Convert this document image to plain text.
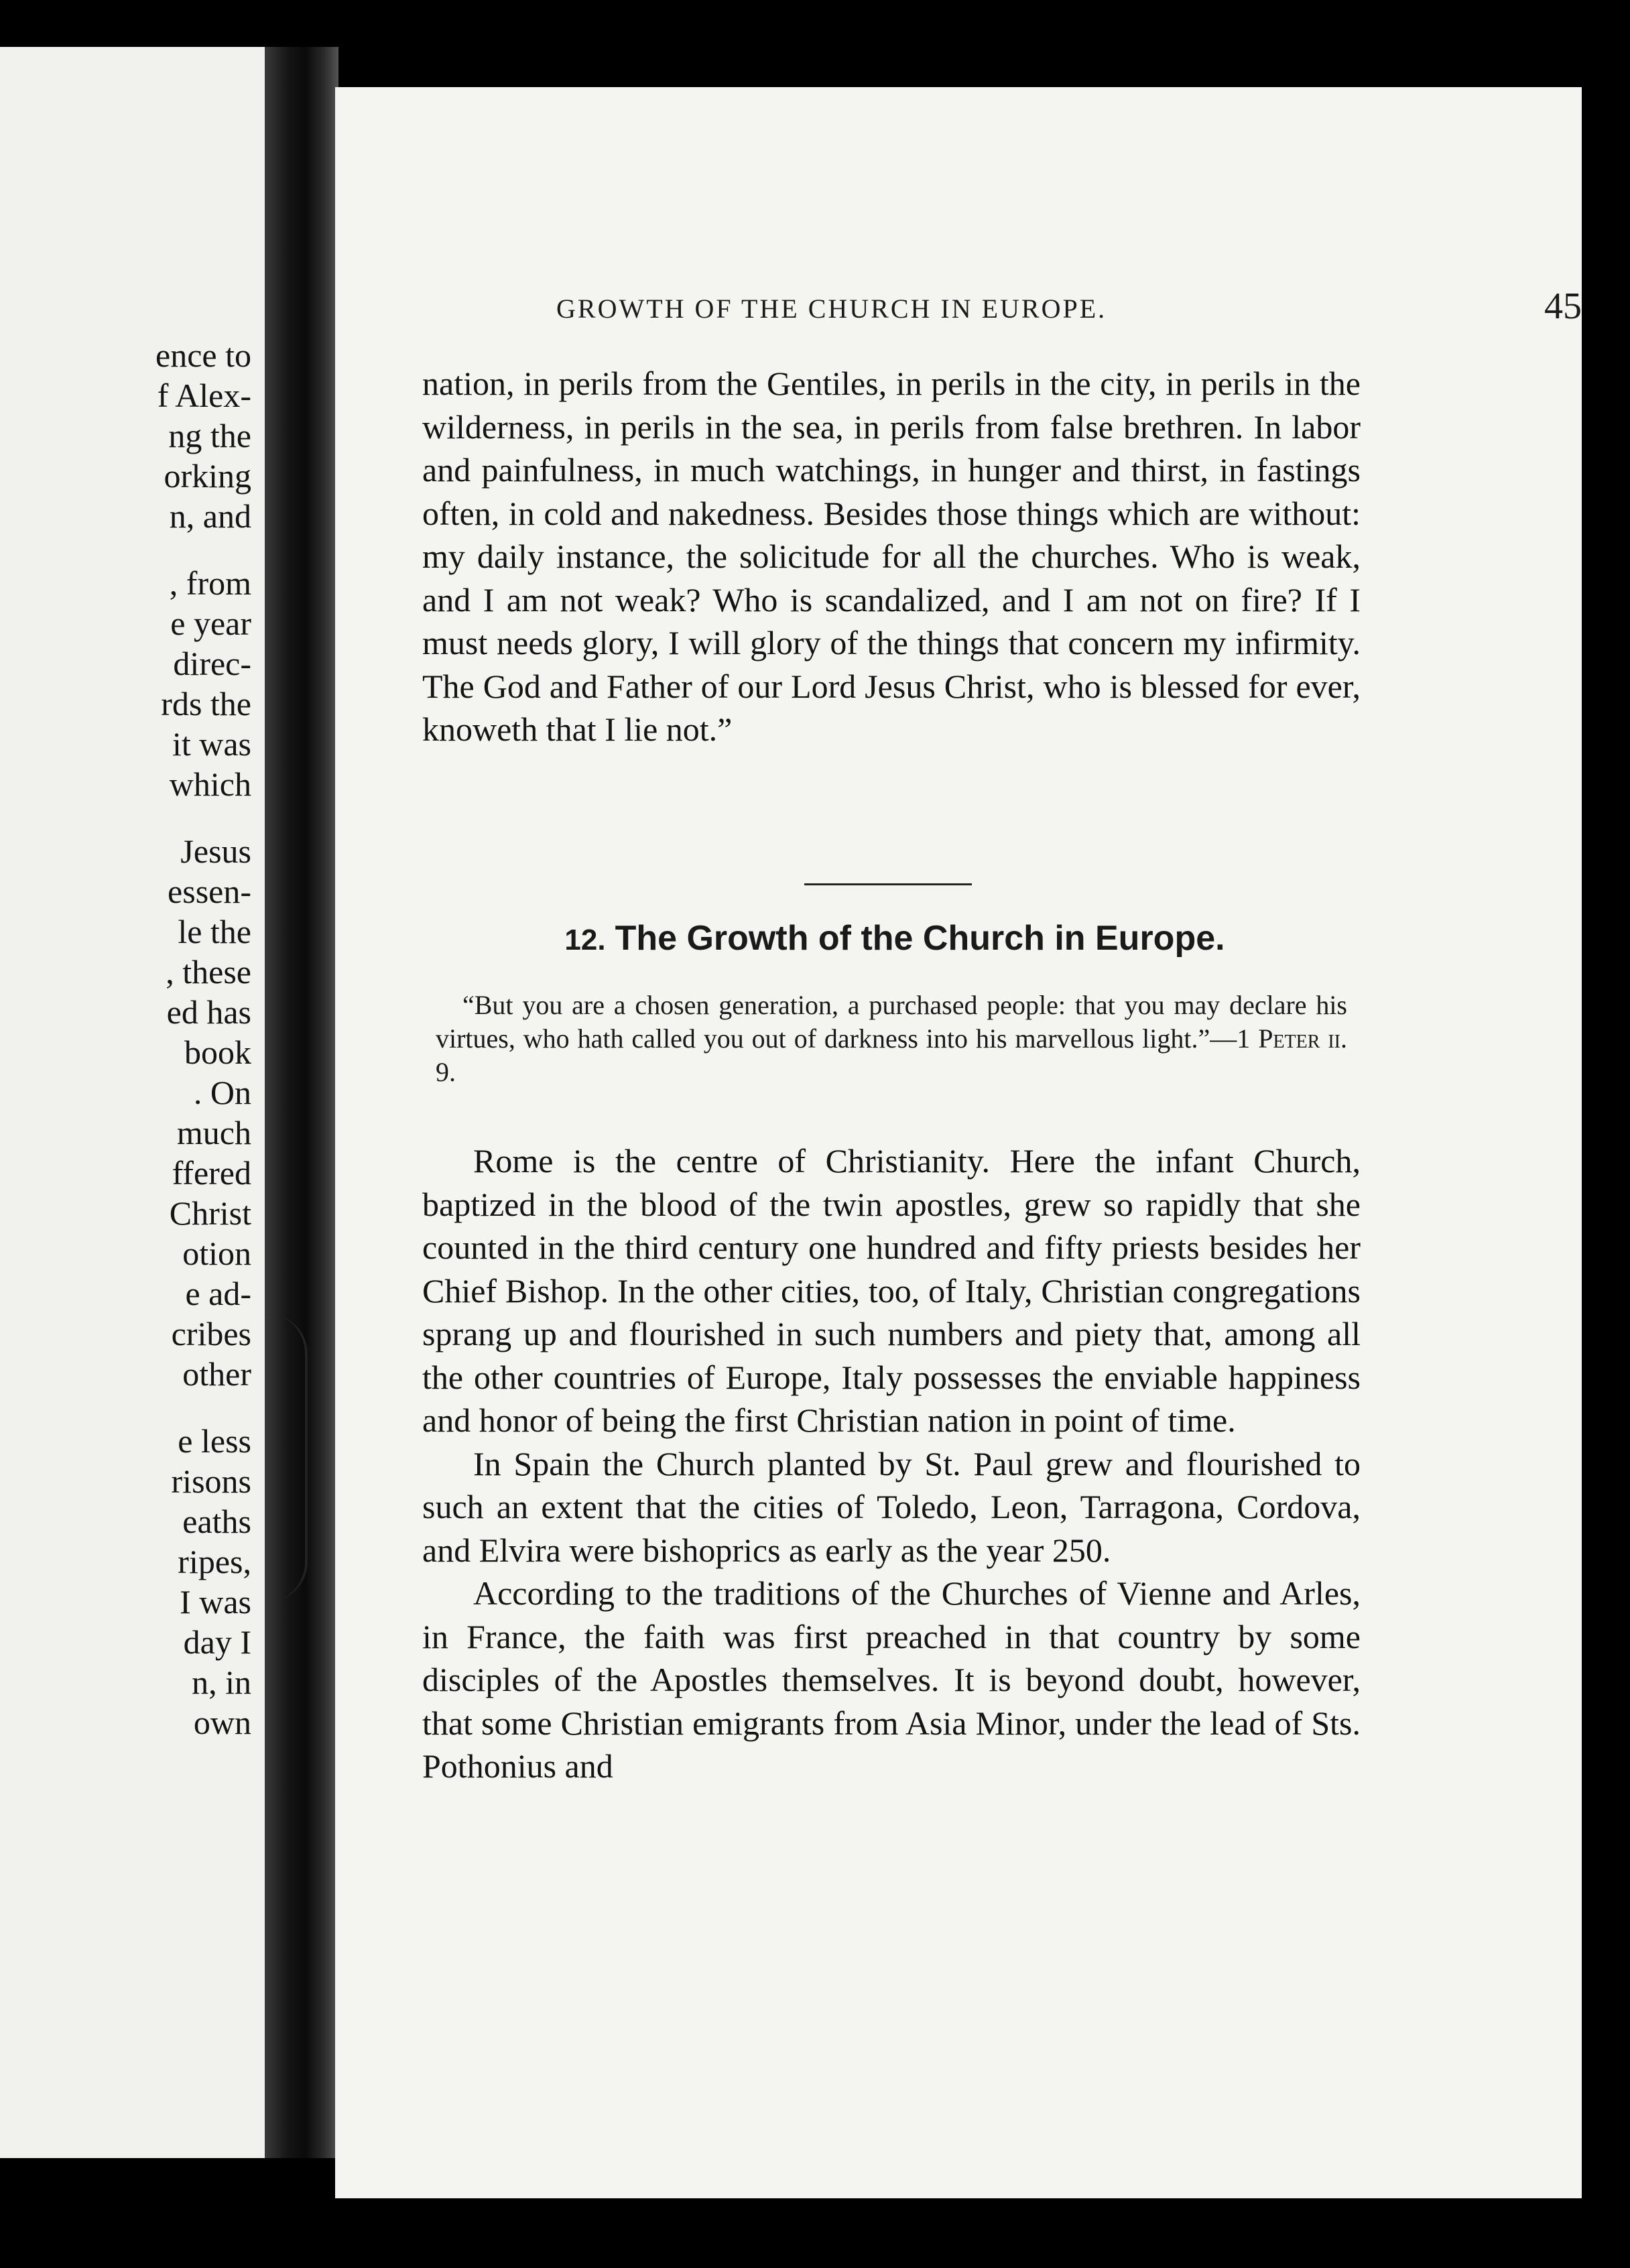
ence to
f Alex-
ng the
orking
n, and
, from
e year
direc-
rds the
it was
which
Jesus
essen-
le the
, these
ed has
book
. On
much
ffered
Christ
otion
e ad-
cribes
other
e less
risons
eaths
ripes,
I was
day I
n, in
own
GROWTH OF THE CHURCH IN EUROPE.	45

nation, in perils from the Gentiles, in perils in the city, in perils in the wilderness, in perils in the sea, in perils from false brethren. In labor and painfulness, in much watchings, in hunger and thirst, in fastings often, in cold and nakedness. Besides those things which are without: my daily instance, the solicitude for all the churches. Who is weak, and I am not weak? Who is scandalized, and I am not on fire? If I must needs glory, I will glory of the things that concern my infirmity. The God and Father of our Lord Jesus Christ, who is blessed for ever, knoweth that I lie not.”

12. The Growth of the Church in Europe.
“But you are a chosen generation, a purchased people: that you may declare his virtues, who hath called you out of darkness into his marvellous light.”—1 Peter ii. 9.

Rome is the centre of Christianity. Here the infant Church, baptized in the blood of the twin apostles, grew so rapidly that she counted in the third century one hundred and fifty priests besides her Chief Bishop. In the other cities, too, of Italy, Christian congregations sprang up and flourished in such numbers and piety that, among all the other countries of Europe, Italy possesses the enviable happiness and honor of being the first Christian nation in point of time.

In Spain the Church planted by St. Paul grew and flourished to such an extent that the cities of Toledo, Leon, Tarragona, Cordova, and Elvira were bishoprics as early as the year 250.

According to the traditions of the Churches of Vienne and Arles, in France, the faith was first preached in that country by some disciples of the Apostles themselves. It is beyond doubt, however, that some Christian emigrants from Asia Minor, under the lead of Sts. Pothonius and
